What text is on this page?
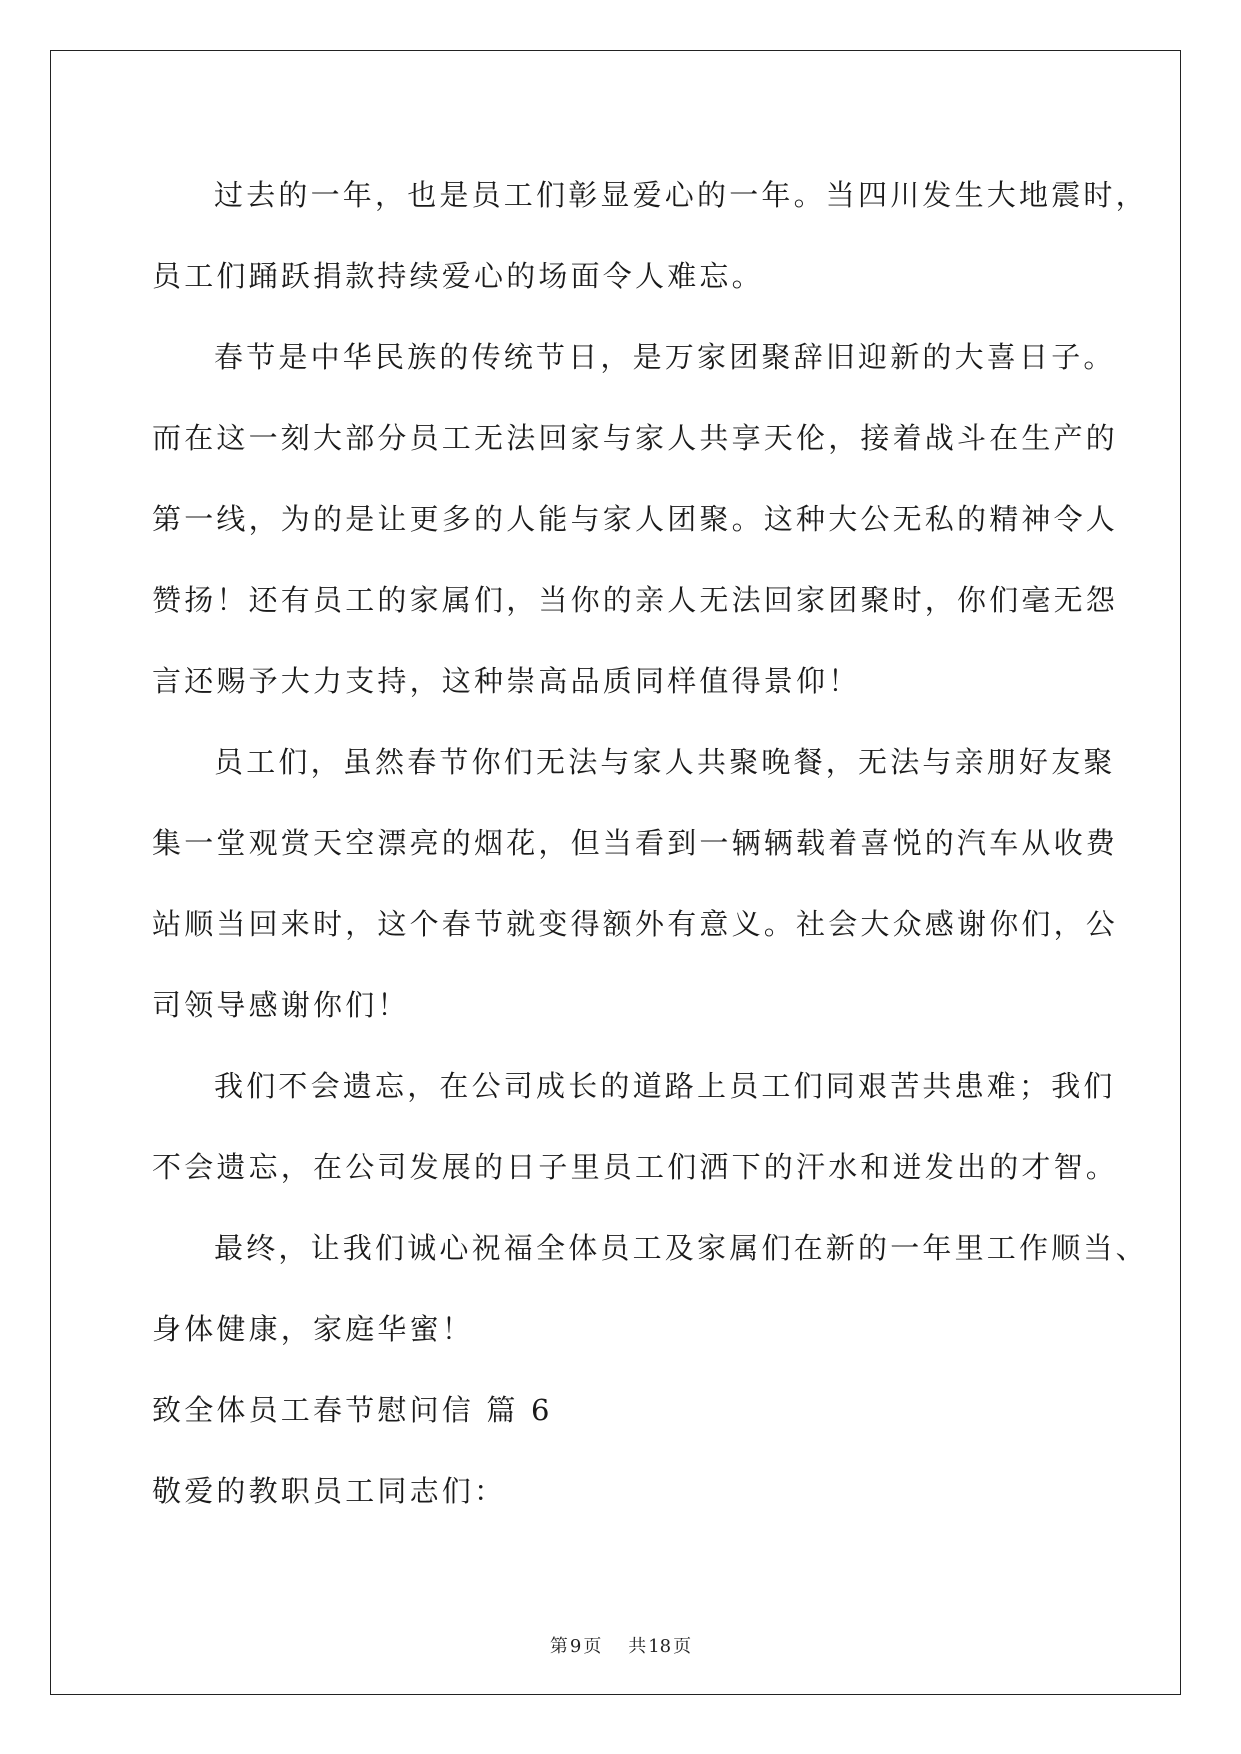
过去的一年，也是员工们彰显爱心的一年。当四川发生大地震时，
员工们踊跃捐款持续爱心的场面令人难忘。
春节是中华民族的传统节日，是万家团聚辞旧迎新的大喜日子。
而在这一刻大部分员工无法回家与家人共享天伦，接着战斗在生产的
第一线，为的是让更多的人能与家人团聚。这种大公无私的精神令人
赞扬！还有员工的家属们，当你的亲人无法回家团聚时，你们毫无怨
言还赐予大力支持，这种崇高品质同样值得景仰！
员工们，虽然春节你们无法与家人共聚晚餐，无法与亲朋好友聚
集一堂观赏天空漂亮的烟花，但当看到一辆辆载着喜悦的汽车从收费
站顺当回来时，这个春节就变得额外有意义。社会大众感谢你们，公
司领导感谢你们！
我们不会遗忘，在公司成长的道路上员工们同艰苦共患难；我们
不会遗忘，在公司发展的日子里员工们洒下的汗水和迸发出的才智。
最终，让我们诚心祝福全体员工及家属们在新的一年里工作顺当、
身体健康，家庭华蜜！
致全体员工春节慰问信 篇 6
敬爱的教职员工同志们：
第 9 页 共 18 页
